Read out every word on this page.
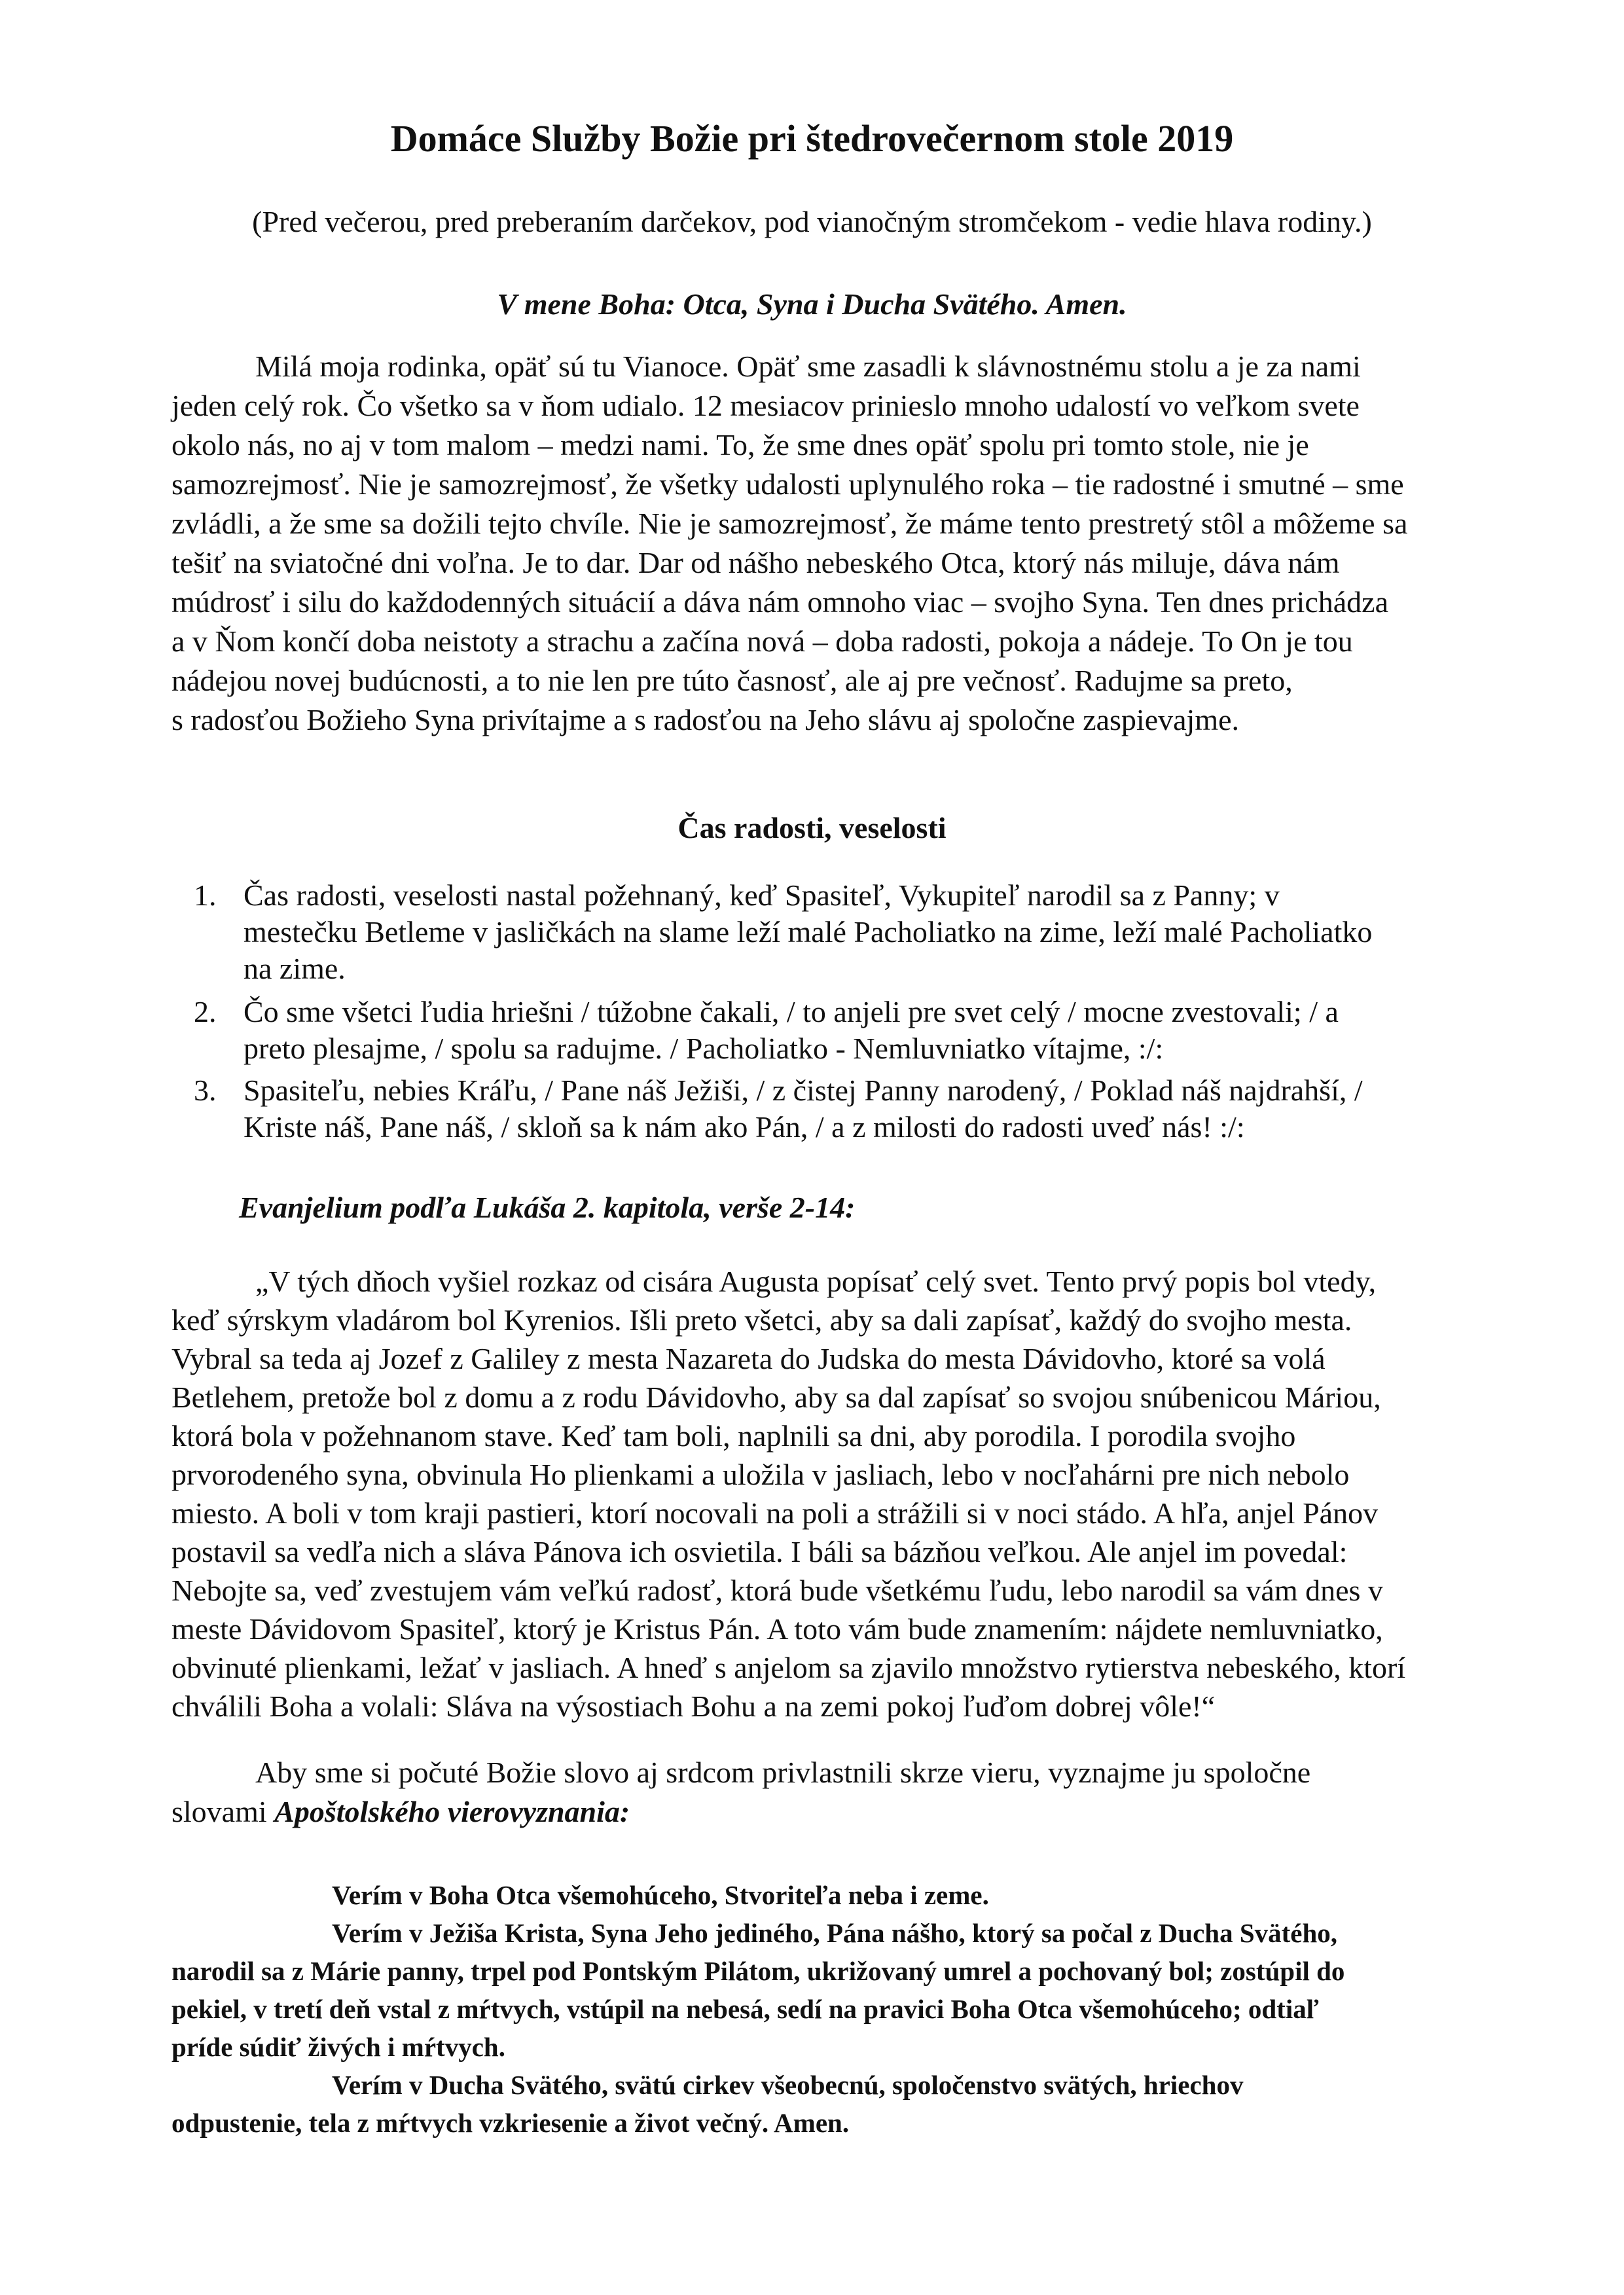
Domáce Služby Božie pri štedrovečernom stole 2019
(Pred večerou, pred preberaním darčekov, pod vianočným stromčekom - vedie hlava rodiny.)
V mene Boha: Otca, Syna i Ducha Svätého. Amen.
Milá moja rodinka, opäť sú tu Vianoce. Opäť sme zasadli k slávnostnému stolu a je za nami
jeden celý rok. Čo všetko sa v ňom udialo. 12 mesiacov prinieslo mnoho udalostí vo veľkom svete
okolo nás, no aj v tom malom – medzi nami. To, že sme dnes opäť spolu pri tomto stole, nie je
samozrejmosť. Nie je samozrejmosť, že všetky udalosti uplynulého roka – tie radostné i smutné – sme
zvládli, a že sme sa dožili tejto chvíle. Nie je samozrejmosť, že máme tento prestretý stôl a môžeme sa
tešiť na sviatočné dni voľna. Je to dar. Dar od nášho nebeského Otca, ktorý nás miluje, dáva nám
múdrosť i silu do každodenných situácií a dáva nám omnoho viac – svojho Syna. Ten dnes prichádza
a v Ňom končí doba neistoty a strachu a začína nová – doba radosti, pokoja a nádeje. To On je tou
nádejou novej budúcnosti, a to nie len pre túto časnosť, ale aj pre večnosť. Radujme sa preto,
s radosťou Božieho Syna privítajme a s radosťou na Jeho slávu aj spoločne zaspievajme.
Čas radosti, veselosti
1. Čas radosti, veselosti nastal požehnaný, keď Spasiteľ, Vykupiteľ narodil sa z Panny; v
mestečku Betleme v jasličkách na slame leží malé Pacholiatko na zime, leží malé Pacholiatko
na zime.
2. Čo sme všetci ľudia hriešni / túžobne čakali, / to anjeli pre svet celý / mocne zvestovali; / a
preto plesajme, / spolu sa radujme. / Pacholiatko - Nemluvniatko vítajme, :/:
3. Spasiteľu, nebies Kráľu, / Pane náš Ježiši, / z čistej Panny narodený, / Poklad náš najdrahší, /
Kriste náš, Pane náš, / skloň sa k nám ako Pán, / a z milosti do radosti uveď nás! :/:
Evanjelium podľa Lukáša 2. kapitola, verše 2-14:
„V tých dňoch vyšiel rozkaz od cisára Augusta popísať celý svet. Tento prvý popis bol vtedy,
keď sýrskym vladárom bol Kyrenios. Išli preto všetci, aby sa dali zapísať, každý do svojho mesta.
Vybral sa teda aj Jozef z Galiley z mesta Nazareta do Judska do mesta Dávidovho, ktoré sa volá
Betlehem, pretože bol z domu a z rodu Dávidovho, aby sa dal zapísať so svojou snúbenicou Máriou,
ktorá bola v požehnanom stave. Keď tam boli, naplnili sa dni, aby porodila. I porodila svojho
prvorodeného syna, obvinula Ho plienkami a uložila v jasliach, lebo v nocľahárni pre nich nebolo
miesto. A boli v tom kraji pastieri, ktorí nocovali na poli a strážili si v noci stádo. A hľa, anjel Pánov
postavil sa vedľa nich a sláva Pánova ich osvietila. I báli sa bázňou veľkou. Ale anjel im povedal:
Nebojte sa, veď zvestujem vám veľkú radosť, ktorá bude všetkému ľudu, lebo narodil sa vám dnes v
meste Dávidovom Spasiteľ, ktorý je Kristus Pán. A toto vám bude znamením: nájdete nemluvniatko,
obvinuté plienkami, ležať v jasliach. A hneď s anjelom sa zjavilo množstvo rytierstva nebeského, ktorí
chválili Boha a volali: Sláva na výsostiach Bohu a na zemi pokoj ľuďom dobrej vôle!“
Aby sme si počuté Božie slovo aj srdcom privlastnili skrze vieru, vyznajme ju spoločne
slovami Apoštolského vierovyznania:
Verím v Boha Otca všemohúceho, Stvoriteľa neba i zeme.
Verím v Ježiša Krista, Syna Jeho jediného, Pána nášho, ktorý sa počal z Ducha Svätého,
narodil sa z Márie panny, trpel pod Pontským Pilátom, ukrižovaný umrel a pochovaný bol; zostúpil do
pekiel, v tretí deň vstal z mŕtvych, vstúpil na nebesá, sedí na pravici Boha Otca všemohúceho; odtiaľ
príde súdiť živých i mŕtvych.
Verím v Ducha Svätého, svätú cirkev všeobecnú, spoločenstvo svätých, hriechov
odpustenie, tela z mŕtvych vzkriesenie a život večný. Amen.
